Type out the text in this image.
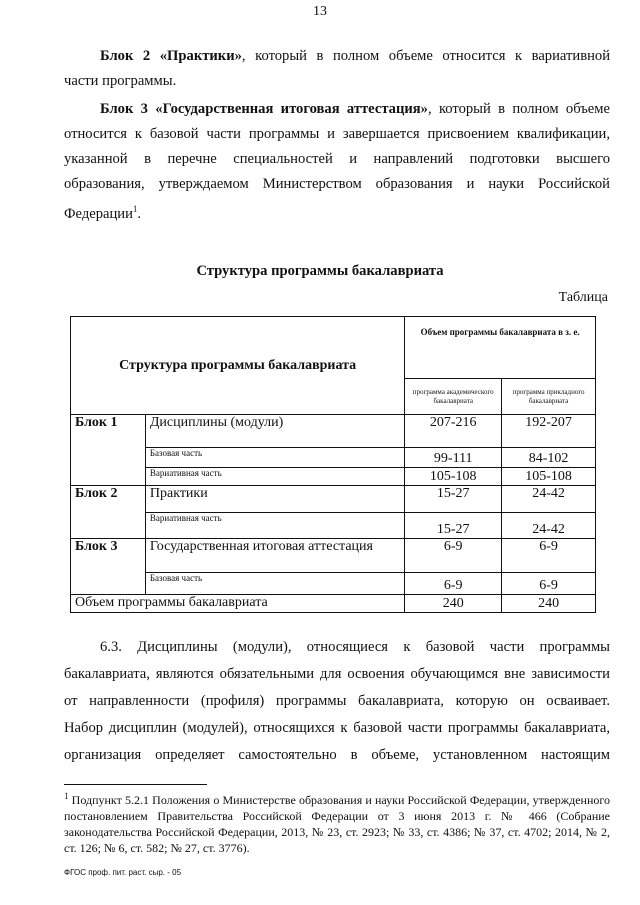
13
Блок 2 «Практики», который в полном объеме относится к вариативной
части программы.
Блок 3 «Государственная итоговая аттестация», который в полном объеме
относится к базовой части программы и завершается присвоением квалификации,
указанной в перечне специальностей и направлений подготовки высшего
образования, утверждаемом Министерством образования и науки Российской
Федерации$^1$.
Структура программы бакалавриата
Таблица
Структура программы бакалавриата		Объем программы бакалавриата в з. е.	
		программа академического бакалавриата	программа прикладного бакалавриата
Блок 1	Дисциплины (модули)	207-216	192-207
	Базовая часть	99-111	84-102
	Вариативная часть	105-108	105-108
Блок 2	Практики	15-27	24-42
	Вариативная часть	15-27	24-42
Блок 3	Государственная итоговая аттестация	6-9	6-9
	Базовая часть	6-9	6-9
Объем программы бакалавриата		240	240
6.3. Дисциплины (модули), относящиеся к базовой части программы
бакалавриата, являются обязательными для освоения обучающимся вне зависимости
от направленности (профиля) программы бакалавриата, которую он осваивает.
Набор дисциплин (модулей), относящихся к базовой части программы бакалавриата,
организация определяет самостоятельно в объеме, установленном настоящим
$^1$ Подпункт 5.2.1 Положения о Министерстве образования и науки Российской Федерации, утвержденного постановлением Правительства Российской Федерации от 3 июня 2013 г. № 466 (Собрание законодательства Российской Федерации, 2013, № 23, ст. 2923; № 33, ст. 4386; № 37, ст. 4702; 2014, № 2, ст. 126; № 6, ст. 582; № 27, ст. 3776).
ФГОС проф. пит. раст. сыр. - 05
